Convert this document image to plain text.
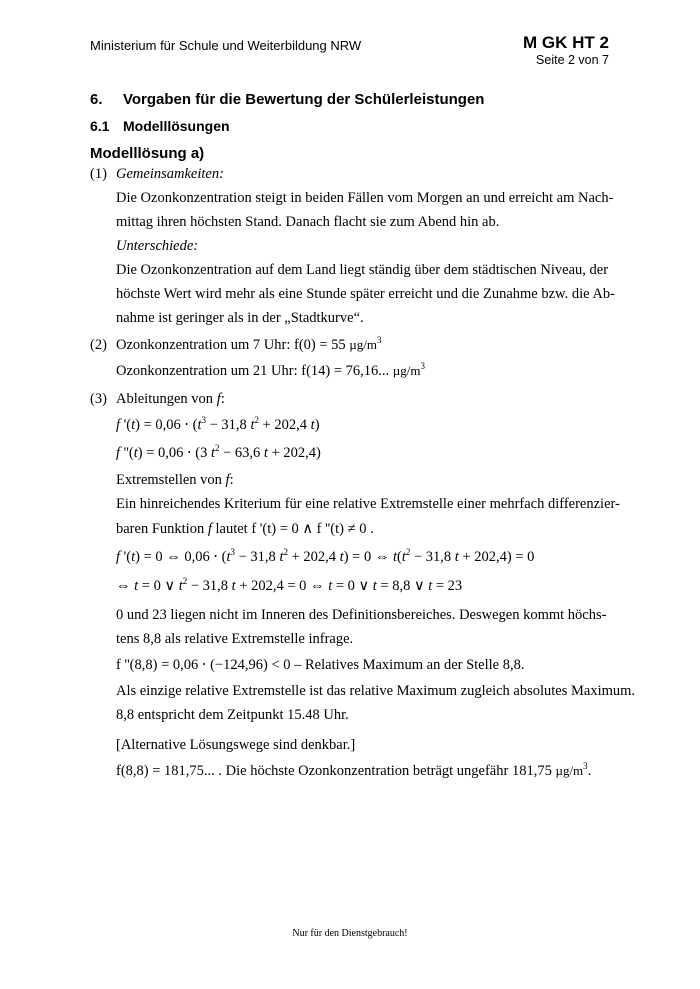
Ministerium für Schule und Weiterbildung NRW	M GK HT 2
Seite 2 von 7
6. Vorgaben für die Bewertung der Schülerleistungen
6.1 Modelllösungen
Modelllösung a)
(1) Gemeinsamkeiten:
Die Ozonkonzentration steigt in beiden Fällen vom Morgen an und erreicht am Nach-
mittag ihren höchsten Stand. Danach flacht sie zum Abend hin ab.
Unterschiede:
Die Ozonkonzentration auf dem Land liegt ständig über dem städtischen Niveau, der
höchste Wert wird mehr als eine Stunde später erreicht und die Zunahme bzw. die Ab-
nahme ist geringer als in der „Stadtkurve“.
(2) Ozonkonzentration um 7 Uhr: f(0) = 55 $\mu g/m^3$
Ozonkonzentration um 21 Uhr: f(14) = 76,16... $\mu g/m^3$
(3) Ableitungen von f:
f '$(t) = 0,06 \cdot (t^3 - 31,8$ $t^2 + 202,4$ t)
f ''(t) = 0,06 ⋅ (3 $t^2 - 63,6$ t + 202,4)
Extremstellen von f:
Ein hinreichendes Kriterium für eine relative Extremstelle einer mehrfach differenzier-
baren Funktion f lautet f '(t) = 0 ∧ f ''(t) ≠ 0 .
f '(t) = 0 ⇔ $0,06 \cdot (t^3 - 31,8$ $t^2 + 202,4$ t) = 0 ⇔ $t(t^2 - 31,8$ t + 202,4) = 0
⇔ t = 0 ∨ $t^2 - 31,8$ t + 202,4 = 0 ⇔ t = 0 ∨ t = 8,8 ∨ t = 23
0 und 23 liegen nicht im Inneren des Definitionsbereiches. Deswegen kommt höchs-
tens 8,8 als relative Extremstelle infrage.
f ''(8,8) = 0,06 ⋅ (−124,96) < 0 – Relatives Maximum an der Stelle 8,8.
Als einzige relative Extremstelle ist das relative Maximum zugleich absolutes Maximum.
8,8 entspricht dem Zeitpunkt 15.48 Uhr.
[Alternative Lösungswege sind denkbar.]
f(8,8) = 181,75... . Die höchste Ozonkonzentration beträgt ungefähr 181,75 $\mu g/m^3$.
Nur für den Dienstgebrauch!
